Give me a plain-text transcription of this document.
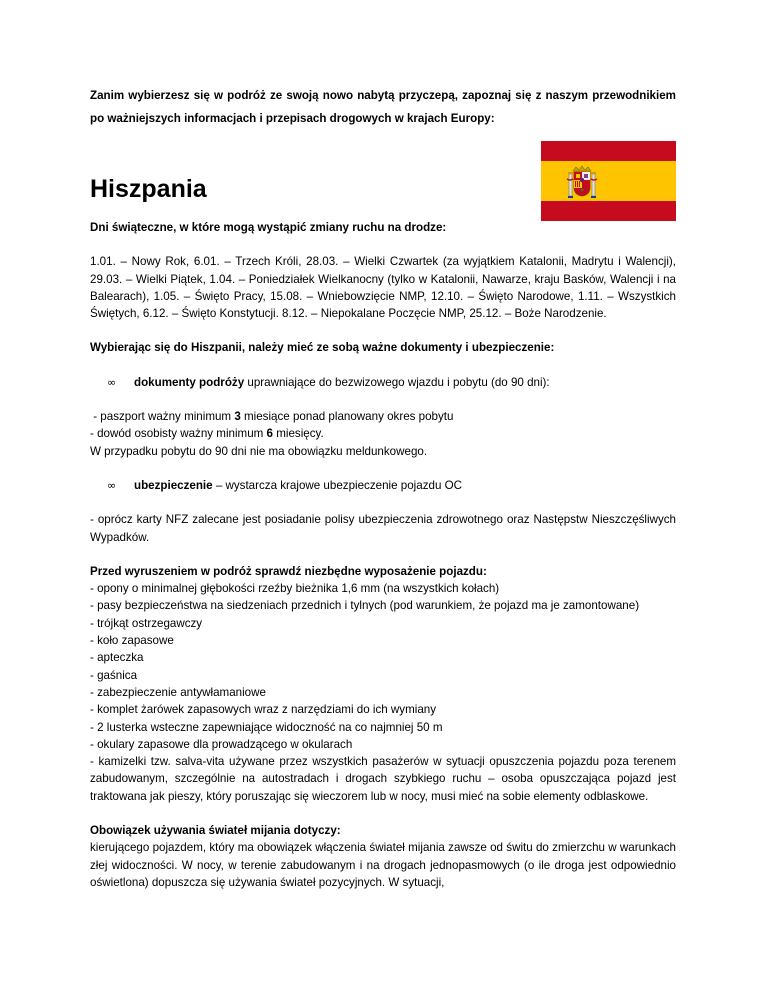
Zanim wybierzesz się w podróż ze swoją nowo nabytą przyczepą, zapoznaj się z naszym przewodnikiem po ważniejszych informacjach i przepisach drogowych w krajach Europy:

Hiszpania

Dni świąteczne, w które mogą wystąpić zmiany ruchu na drodze:

1.01. – Nowy Rok, 6.01. – Trzech Króli, 28.03. – Wielki Czwartek (za wyjątkiem Katalonii, Madrytu i Walencji), 29.03. – Wielki Piątek, 1.04. – Poniedziałek Wielkanocny (tylko w Katalonii, Nawarze, kraju Basków, Walencji i na Balearach), 1.05. – Święto Pracy, 15.08. – Wniebowzięcie NMP, 12.10. – Święto Narodowe, 1.11. – Wszystkich Świętych, 6.12. – Święto Konstytucji. 8.12. – Niepokalane Poczęcie NMP, 25.12. – Boże Narodzenie.

Wybierając się do Hiszpanii, należy mieć ze sobą ważne dokumenty i ubezpieczenie:

∞	dokumenty podróży uprawniające do bezwizowego wjazdu i pobytu (do 90 dni):

- paszport ważny minimum 3 miesiące ponad planowany okres pobytu

- dowód osobisty ważny minimum 6 miesięcy.

W przypadku pobytu do 90 dni nie ma obowiązku meldunkowego.

∞	ubezpieczenie – wystarcza krajowe ubezpieczenie pojazdu OC

- oprócz karty NFZ zalecane jest posiadanie polisy ubezpieczenia zdrowotnego oraz Następstw Nieszczęśliwych Wypadków.

Przed wyruszeniem w podróż sprawdź niezbędne wyposażenie pojazdu:

- opony o minimalnej głębokości rzeźby bieżnika 1,6 mm (na wszystkich kołach)

- pasy bezpieczeństwa na siedzeniach przednich i tylnych (pod warunkiem, że pojazd ma je zamontowane)

- trójkąt ostrzegawczy

- koło zapasowe

- apteczka

- gaśnica

- zabezpieczenie antywłamaniowe

- komplet żarówek zapasowych wraz z narzędziami do ich wymiany

- 2 lusterka wsteczne zapewniające widoczność na co najmniej 50 m

- okulary zapasowe dla prowadzącego w okularach

- kamizelki tzw. salva-vita używane przez wszystkich pasażerów w sytuacji opuszczenia pojazdu poza terenem zabudowanym, szczególnie na autostradach i drogach szybkiego ruchu – osoba opuszczająca pojazd jest traktowana jak pieszy, który poruszając się wieczorem lub w nocy, musi mieć na sobie elementy odblaskowe.

Obowiązek używania świateł mijania dotyczy:

kierującego pojazdem, który ma obowiązek włączenia świateł mijania zawsze od świtu do zmierzchu w warunkach złej widoczności. W nocy, w terenie zabudowanym i na drogach jednopasmowych (o ile droga jest odpowiednio oświetlona) dopuszcza się używania świateł pozycyjnych. W sytuacji,
